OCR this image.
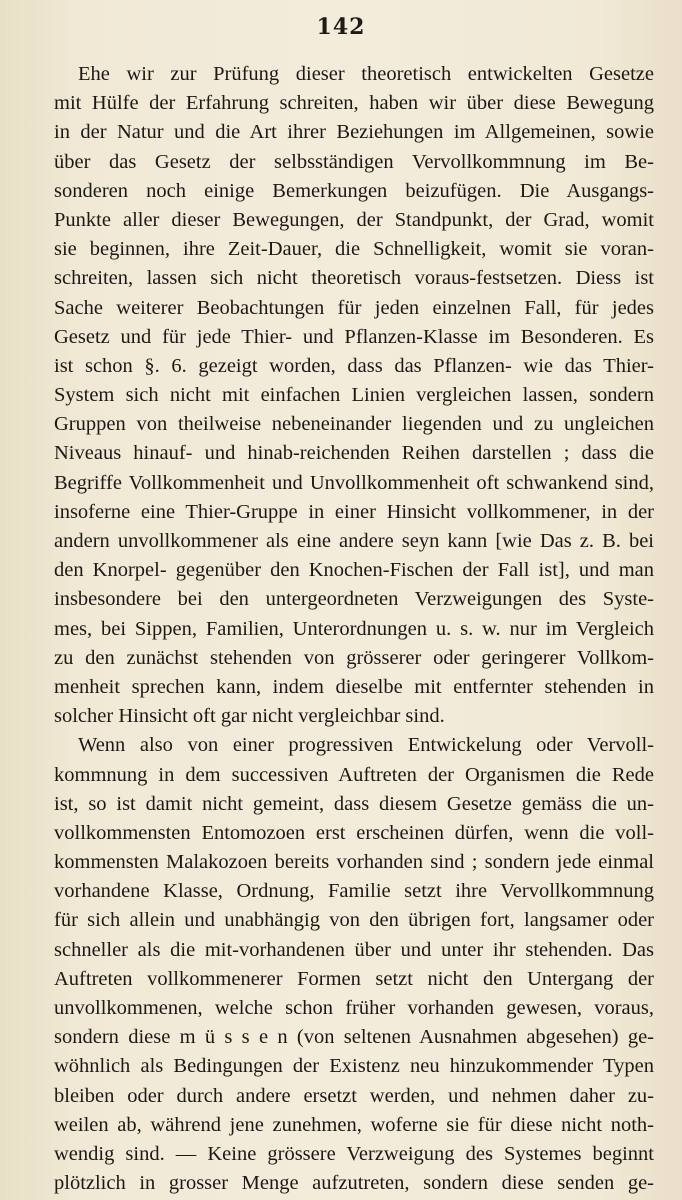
142
Ehe wir zur Prüfung dieser theoretisch entwickelten Gesetze
mit Hülfe der Erfahrung schreiten, haben wir über diese Bewegung
in der Natur und die Art ihrer Beziehungen im Allgemeinen, sowie
über das Gesetz der selbsständigen Vervollkommnung im Be-
sonderen noch einige Bemerkungen beizufügen. Die Ausgangs-
Punkte aller dieser Bewegungen, der Standpunkt, der Grad, womit
sie beginnen, ihre Zeit-Dauer, die Schnelligkeit, womit sie voran-
schreiten, lassen sich nicht theoretisch voraus-festsetzen. Diess ist
Sache weiterer Beobachtungen für jeden einzelnen Fall, für jedes
Gesetz und für jede Thier- und Pflanzen-Klasse im Besonderen. Es
ist schon §. 6. gezeigt worden, dass das Pflanzen- wie das Thier-
System sich nicht mit einfachen Linien vergleichen lassen, sondern
Gruppen von theilweise nebeneinander liegenden und zu ungleichen
Niveaus hinauf- und hinab-reichenden Reihen darstellen ; dass die
Begriffe Vollkommenheit und Unvollkommenheit oft schwankend sind,
insoferne eine Thier-Gruppe in einer Hinsicht vollkommener, in der
andern unvollkommener als eine andere seyn kann [wie Das z. B. bei
den Knorpel- gegenüber den Knochen-Fischen der Fall ist], und man
insbesondere bei den untergeordneten Verzweigungen des Syste-
mes, bei Sippen, Familien, Unterordnungen u. s. w. nur im Vergleich
zu den zunächst stehenden von grösserer oder geringerer Vollkom-
menheit sprechen kann, indem dieselbe mit entfernter stehenden in
solcher Hinsicht oft gar nicht vergleichbar sind.
Wenn also von einer progressiven Entwickelung oder Vervoll-
kommnung in dem successiven Auftreten der Organismen die Rede
ist, so ist damit nicht gemeint, dass diesem Gesetze gemäss die un-
vollkommensten Entomozoen erst erscheinen dürfen, wenn die voll-
kommensten Malakozoen bereits vorhanden sind ; sondern jede einmal
vorhandene Klasse, Ordnung, Familie setzt ihre Vervollkommnung
für sich allein und unabhängig von den übrigen fort, langsamer oder
schneller als die mit-vorhandenen über und unter ihr stehenden. Das
Auftreten vollkommenerer Formen setzt nicht den Untergang der
unvollkommenen, welche schon früher vorhanden gewesen, voraus,
sondern diese m ü s s e n (von seltenen Ausnahmen abgesehen) ge-
wöhnlich als Bedingungen der Existenz neu hinzukommender Typen
bleiben oder durch andere ersetzt werden, und nehmen daher zu-
weilen ab, während jene zunehmen, woferne sie für diese nicht noth-
wendig sind. — Keine grössere Verzweigung des Systemes beginnt
plötzlich in grosser Menge aufzutreten, sondern diese senden ge-
